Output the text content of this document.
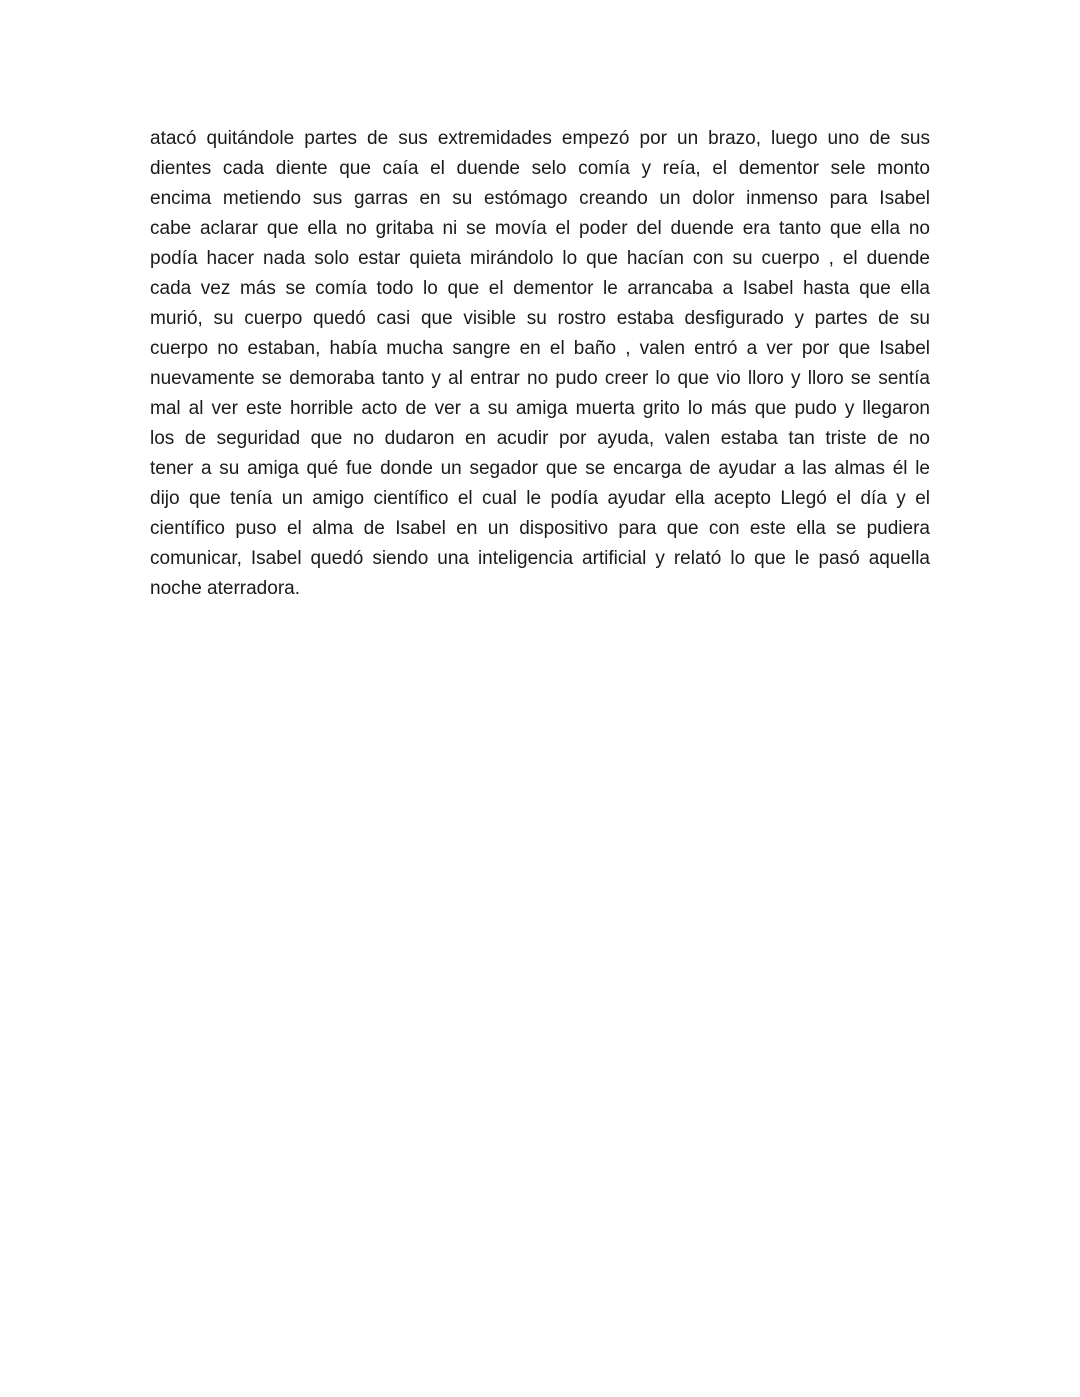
atacó quitándole partes de sus extremidades empezó por un brazo, luego uno de sus
dientes cada diente que caía el duende selo comía y reía, el dementor sele monto
encima metiendo sus garras en su estómago creando un dolor inmenso para Isabel
cabe aclarar que ella no gritaba ni se movía el poder del duende era tanto que ella no
podía hacer nada solo estar quieta mirándolo lo que hacían con su cuerpo , el duende
cada vez más se comía todo lo que el dementor le arrancaba a Isabel hasta que ella
murió, su cuerpo quedó casi que visible su rostro estaba desfigurado y partes de su
cuerpo no estaban, había mucha sangre en el baño , valen entró a ver por que Isabel
nuevamente se demoraba tanto y al entrar no pudo creer lo que vio lloro y lloro se sentía
mal al ver este horrible acto de ver a su amiga muerta grito lo más que pudo y llegaron
los de seguridad que no dudaron en acudir por ayuda, valen estaba tan triste de no
tener a su amiga qué fue donde un segador que se encarga de ayudar a las almas él le
dijo que tenía un amigo científico el cual le podía ayudar ella acepto Llegó el día y el
científico puso el alma de Isabel en un dispositivo para que con este ella se pudiera
comunicar, Isabel quedó siendo una inteligencia artificial y relató lo que le pasó aquella
noche aterradora.
